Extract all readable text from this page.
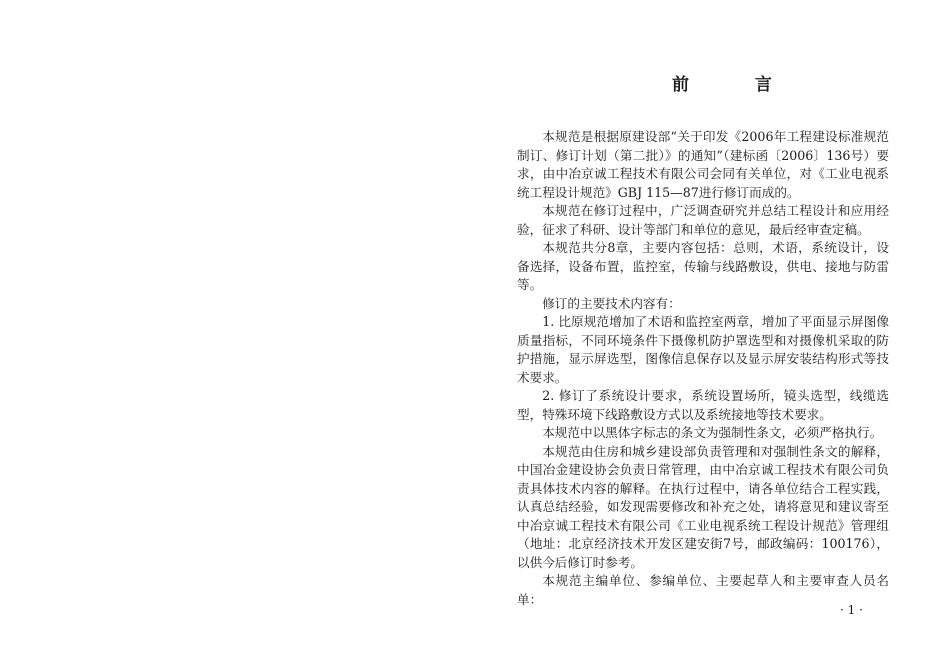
前 言

本规范是根据原建设部“关于印发《2006年工程建设标准规范制订、修订计划（第二批）》的通知”（建标函〔2006〕136号）要求，由中冶京诚工程技术有限公司会同有关单位，对《工业电视系统工程设计规范》GBJ 115—87进行修订而成的。

本规范在修订过程中，广泛调查研究并总结工程设计和应用经验，征求了科研、设计等部门和单位的意见，最后经审查定稿。

本规范共分8章，主要内容包括：总则，术语，系统设计，设备选择，设备布置，监控室，传输与线路敷设，供电、接地与防雷等。

修订的主要技术内容有：

1. 比原规范增加了术语和监控室两章，增加了平面显示屏图像质量指标，不同环境条件下摄像机防护罩选型和对摄像机采取的防护措施，显示屏选型，图像信息保存以及显示屏安装结构形式等技术要求。

2. 修订了系统设计要求，系统设置场所，镜头选型，线缆选型，特殊环境下线路敷设方式以及系统接地等技术要求。

本规范中以黑体字标志的条文为强制性条文，必须严格执行。

本规范由住房和城乡建设部负责管理和对强制性条文的解释，中国冶金建设协会负责日常管理，由中冶京诚工程技术有限公司负责具体技术内容的解释。在执行过程中，请各单位结合工程实践，认真总结经验，如发现需要修改和补充之处，请将意见和建议寄至中冶京诚工程技术有限公司《工业电视系统工程设计规范》管理组（地址：北京经济技术开发区建安街7号，邮政编码：100176），以供今后修订时参考。

本规范主编单位、参编单位、主要起草人和主要审查人员名单：

· 1 ·
